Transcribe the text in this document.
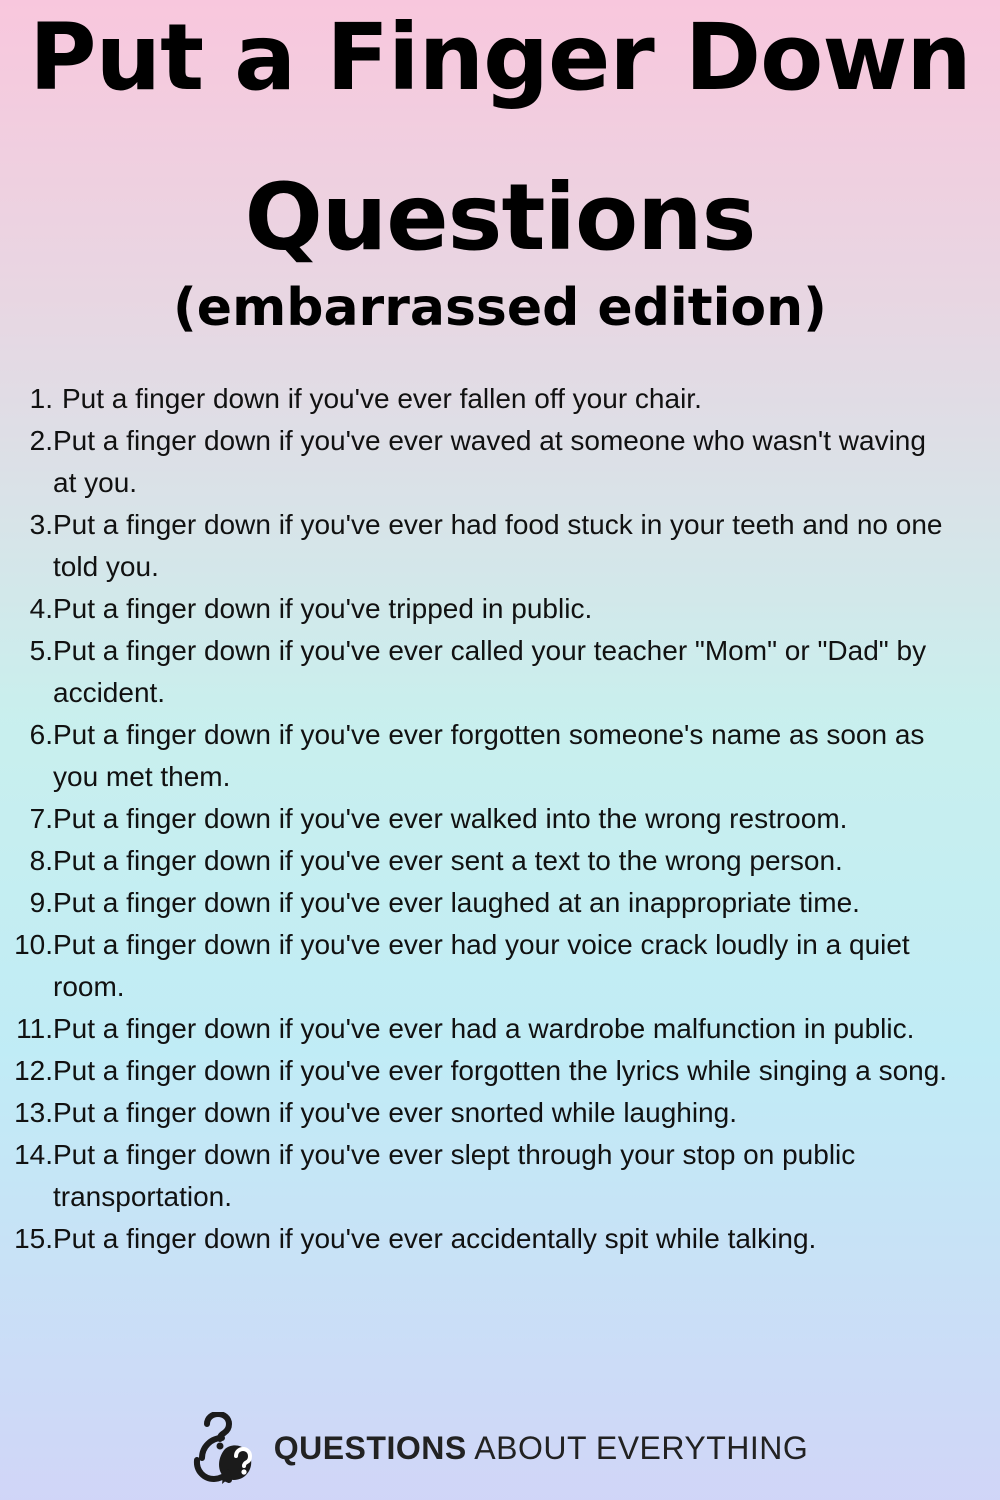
Put a Finger Down
Questions
(embarrassed edition)
1. Put a finger down if you've ever fallen off your chair.
2. Put a finger down if you've ever waved at someone who wasn't waving at you.
3. Put a finger down if you've ever had food stuck in your teeth and no one told you.
4. Put a finger down if you've tripped in public.
5. Put a finger down if you've ever called your teacher "Mom" or "Dad" by accident.
6. Put a finger down if you've ever forgotten someone's name as soon as you met them.
7. Put a finger down if you've ever walked into the wrong restroom.
8. Put a finger down if you've ever sent a text to the wrong person.
9. Put a finger down if you've ever laughed at an inappropriate time.
10. Put a finger down if you've ever had your voice crack loudly in a quiet room.
11. Put a finger down if you've ever had a wardrobe malfunction in public.
12. Put a finger down if you've ever forgotten the lyrics while singing a song.
13. Put a finger down if you've ever snorted while laughing.
14. Put a finger down if you've ever slept through your stop on public transportation.
15. Put a finger down if you've ever accidentally spit while talking.
QUESTIONS ABOUT EVERYTHING
